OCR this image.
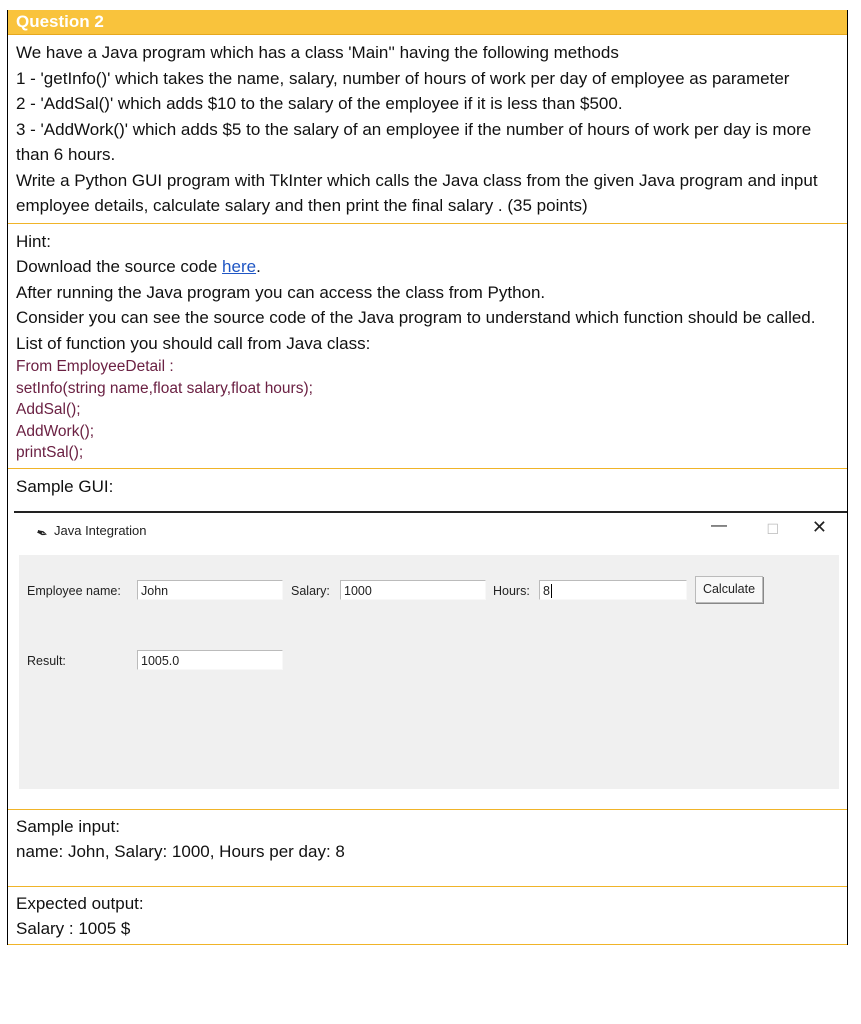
Question 2

We have a Java program which has a class 'Main'' having the following methods

1 - 'getInfo()' which takes the name, salary, number of hours of work per day of employee as parameter

2 - 'AddSal()' which adds $10 to the salary of the employee if it is less than $500.

3 - 'AddWork()' which adds $5 to the salary of an employee if the number of hours of work per day is more than 6 hours.

Write a Python GUI program with TkInter which calls the Java class from the given Java program and input employee details, calculate salary and then print the final salary . (35 points)

Hint:

Download the source code here.

After running the Java program you can access the class from Python.

Consider you can see the source code of the Java program to understand which function should be called.

List of function you should call from Java class:

From EmployeeDetail :

setInfo(string name,float salary,float hours);

AddSal();

AddWork();

printSal();

Sample GUI:

✒ Java Integration	—	☐ ✕
Employee name:	John	Salary:	1000	Hours:	8	Calculate
Result:	1005.0

Sample input:

name: John, Salary: 1000, Hours per day: 8

Expected output:

Salary : 1005 $
